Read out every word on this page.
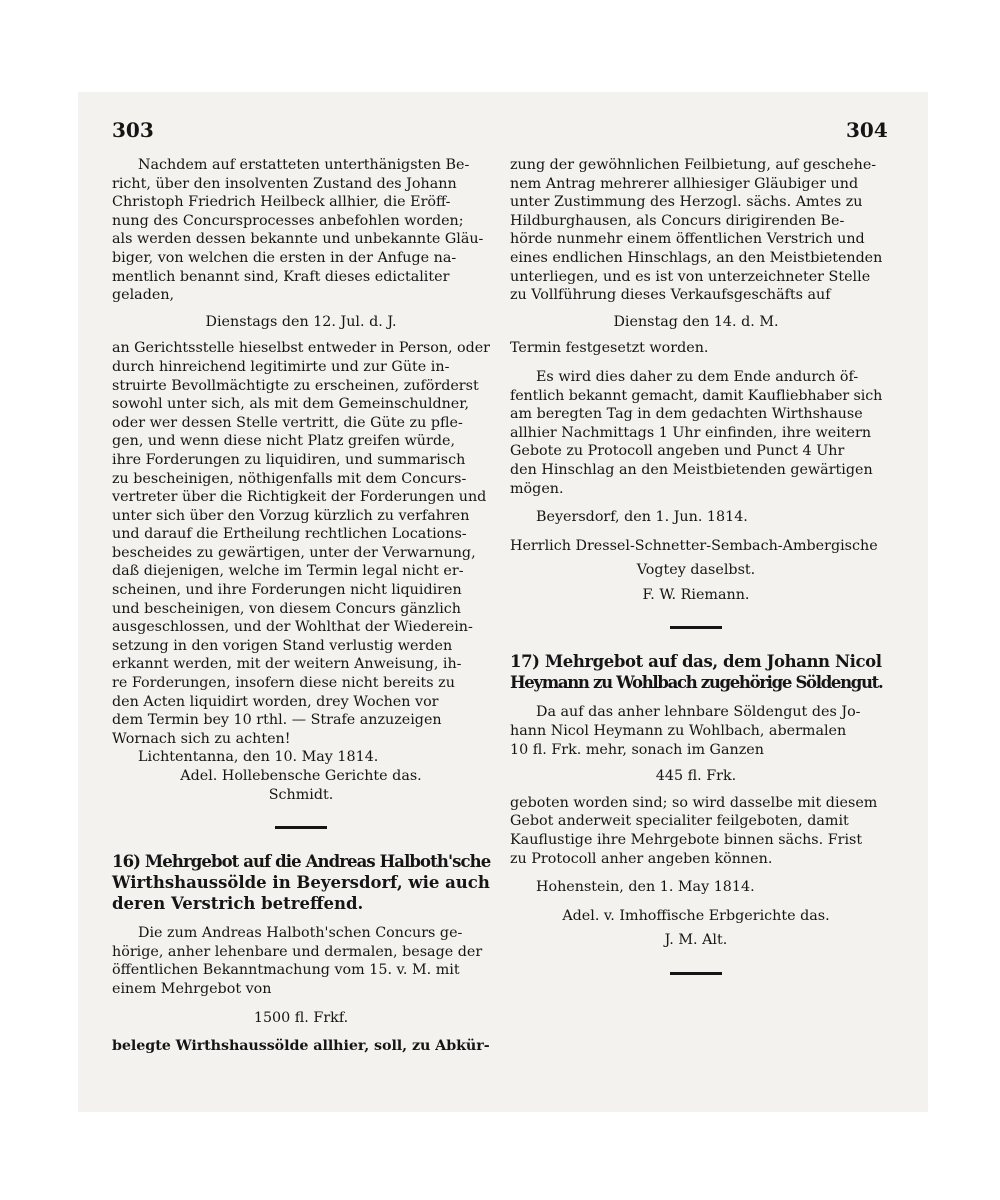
303	304
Nachdem auf erstatteten unterthänigsten Be-
richt, über den insolventen Zustand des Johann
Christoph Friedrich Heilbeck allhier, die Eröff-
nung des Concursprocesses anbefohlen worden;
als werden dessen bekannte und unbekannte Gläu-
biger, von welchen die ersten in der Anfuge na-
mentlich benannt sind, Kraft dieses edictaliter
geladen,
Dienstags den 12. Jul. d. J.
an Gerichtsstelle hieselbst entweder in Person, oder
durch hinreichend legitimirte und zur Güte in-
struirte Bevollmächtigte zu erscheinen, zuförderst
sowohl unter sich, als mit dem Gemeinschuldner,
oder wer dessen Stelle vertritt, die Güte zu pfle-
gen, und wenn diese nicht Platz greifen würde,
ihre Forderungen zu liquidiren, und summarisch
zu bescheinigen, nöthigenfalls mit dem Concurs-
vertreter über die Richtigkeit der Forderungen und
unter sich über den Vorzug kürzlich zu verfahren
und darauf die Ertheilung rechtlichen Locations-
bescheides zu gewärtigen, unter der Verwarnung,
daß diejenigen, welche im Termin legal nicht er-
scheinen, und ihre Forderungen nicht liquidiren
und bescheinigen, von diesem Concurs gänzlich
ausgeschlossen, und der Wohlthat der Wiederein-
setzung in den vorigen Stand verlustig werden
erkannt werden, mit der weitern Anweisung, ih-
re Forderungen, insofern diese nicht bereits zu
den Acten liquidirt worden, drey Wochen vor
dem Termin bey 10 rthl. — Strafe anzuzeigen
Wornach sich zu achten!
Lichtentanna, den 10. May 1814.
Adel. Hollebensche Gerichte das.
Schmidt.
16) Mehrgebot auf die Andreas Halboth'sche
Wirthshaussölde in Beyersdorf, wie auch
deren Verstrich betreffend.
Die zum Andreas Halboth'schen Concurs ge-
hörige, anher lehenbare und dermalen, besage der
öffentlichen Bekanntmachung vom 15. v. M. mit
einem Mehrgebot von
1500 fl. Frkf.
belegte Wirthshaussölde allhier, soll, zu Abkür-
zung der gewöhnlichen Feilbietung, auf geschehe-
nem Antrag mehrerer allhiesiger Gläubiger und
unter Zustimmung des Herzogl. sächs. Amtes zu
Hildburghausen, als Concurs dirigirenden Be-
hörde nunmehr einem öffentlichen Verstrich und
eines endlichen Hinschlags, an den Meistbietenden
unterliegen, und es ist von unterzeichneter Stelle
zu Vollführung dieses Verkaufsgeschäfts auf
Dienstag den 14. d. M.
Termin festgesetzt worden.
Es wird dies daher zu dem Ende andurch öf-
fentlich bekannt gemacht, damit Kaufliebhaber sich
am beregten Tag in dem gedachten Wirthshause
allhier Nachmittags 1 Uhr einfinden, ihre weitern
Gebote zu Protocoll angeben und Punct 4 Uhr
den Hinschlag an den Meistbietenden gewärtigen
mögen.
Beyersdorf, den 1. Jun. 1814.
Herrlich Dressel-Schnetter-Sembach-Ambergische
Vogtey daselbst.
F. W. Riemann.
17) Mehrgebot auf das, dem Johann Nicol
Heymann zu Wohlbach zugehörige Söldengut.
Da auf das anher lehnbare Söldengut des Jo-
hann Nicol Heymann zu Wohlbach, abermalen
10 fl. Frk. mehr, sonach im Ganzen
445 fl. Frk.
geboten worden sind; so wird dasselbe mit diesem
Gebot anderweit specialiter feilgeboten, damit
Kauflustige ihre Mehrgebote binnen sächs. Frist
zu Protocoll anher angeben können.
Hohenstein, den 1. May 1814.
Adel. v. Imhoffische Erbgerichte das.
J. M. Alt.
